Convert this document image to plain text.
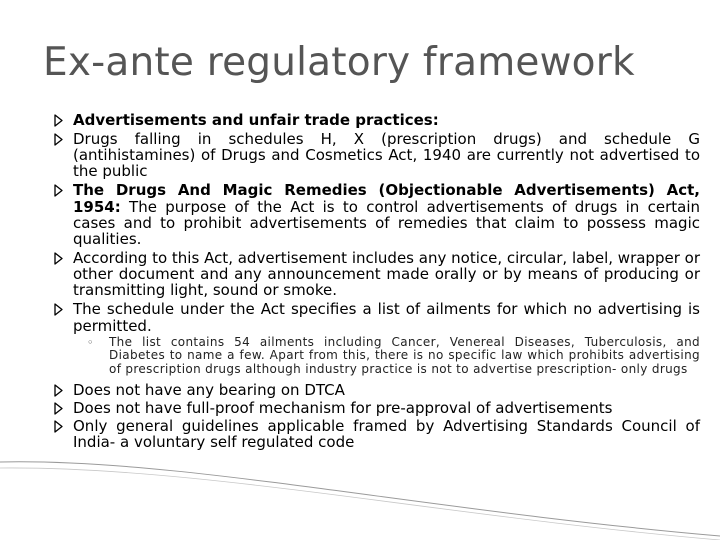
Ex-ante regulatory framework
Advertisements and unfair trade practices:
Drugs falling in schedules H, X (prescription drugs) and schedule G (antihistamines) of Drugs and Cosmetics Act, 1940 are currently not advertised to the public
The Drugs And Magic Remedies (Objectionable Advertisements) Act, 1954: The purpose of the Act is to control advertisements of drugs in certain cases and to prohibit advertisements of remedies that claim to possess magic qualities.
According to this Act, advertisement includes any notice, circular, label, wrapper or other document and any announcement made orally or by means of producing or transmitting light, sound or smoke.
The schedule under the Act specifies a list of ailments for which no advertising is permitted.
◦ The list contains 54 ailments including Cancer, Venereal Diseases, Tuberculosis, and Diabetes to name a few. Apart from this, there is no specific law which prohibits advertising of prescription drugs although industry practice is not to advertise prescription- only drugs
Does not have any bearing on DTCA
Does not have full-proof mechanism for pre-approval of advertisements
Only general guidelines applicable framed by Advertising Standards Council of India- a voluntary self regulated code
